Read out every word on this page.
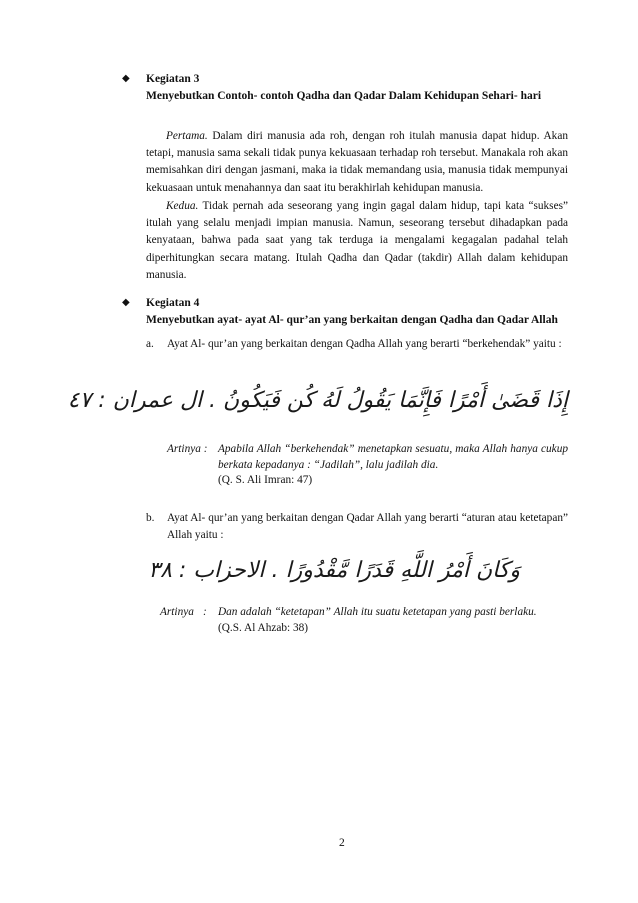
◆ Kegiatan 3
Menyebutkan Contoh- contoh Qadha dan Qadar Dalam Kehidupan Sehari- hari
Pertama. Dalam diri manusia ada roh, dengan roh itulah manusia dapat hidup. Akan tetapi, manusia sama sekali tidak punya kekuasaan terhadap roh tersebut. Manakala roh akan memisahkan diri dengan jasmani, maka ia tidak memandang usia, manusia tidak mempunyai kekuasaan untuk menahannya dan saat itu berakhirlah kehidupan manusia.
Kedua. Tidak pernah ada seseorang yang ingin gagal dalam hidup, tapi kata “sukses” itulah yang selalu menjadi impian manusia. Namun, seseorang tersebut dihadapkan pada kenyataan, bahwa pada saat yang tak terduga ia mengalami kegagalan padahal telah diperhitungkan secara matang. Itulah Qadha dan Qadar (takdir) Allah dalam kehidupan manusia.
◆ Kegiatan 4
Menyebutkan ayat- ayat Al- qur’an yang berkaitan dengan Qadha dan Qadar Allah
a. Ayat Al- qur’an yang berkaitan dengan Qadha Allah yang berarti “berkehendak” yaitu :
إِذَا قَضَىٰ أَمْرًا فَإِنَّمَا يَقُولُ لَهُ كُن فَيَكُونُ . ال عمران : ٤٧
Artinya : Apabila Allah “berkehendak” menetapkan sesuatu, maka Allah hanya cukup berkata kepadanya : “Jadilah”, lalu jadilah dia.
(Q. S. Ali Imran: 47)
b. Ayat Al- qur’an yang berkaitan dengan Qadar Allah yang berarti “aturan atau ketetapan” Allah yaitu :
وَكَانَ أَمْرُ اللَّهِ قَدَرًا مَّقْدُورًا . الاحزاب : ٣٨
Artinya : Dan adalah “ketetapan” Allah itu suatu ketetapan yang pasti berlaku.
(Q.S. Al Ahzab: 38)
2
